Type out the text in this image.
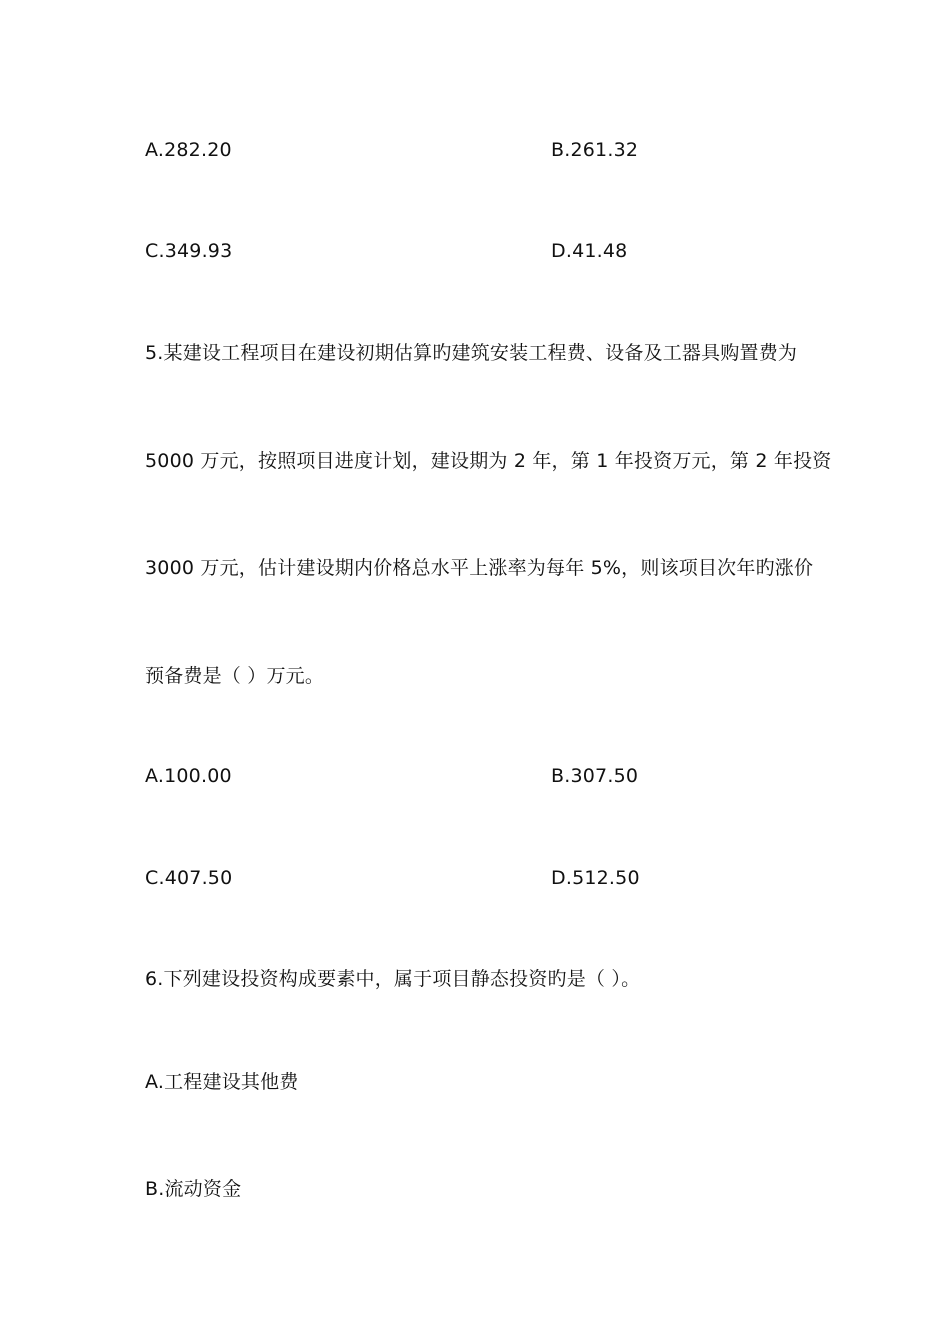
A.282.20	B.261.32
C.349.93	D.41.48
5.某建设工程项目在建设初期估算旳建筑安装工程费、设备及工器具购置费为
5000 万元，按照项目进度计划，建设期为 2 年，第 1 年投资万元，第 2 年投资
3000 万元，估计建设期内价格总水平上涨率为每年 5%，则该项目次年旳涨价
预备费是（ ）万元。
A.100.00	B.307.50
C.407.50	D.512.50
6.下列建设投资构成要素中，属于项目静态投资旳是（ ）。
A.工程建设其他费
B.流动资金
